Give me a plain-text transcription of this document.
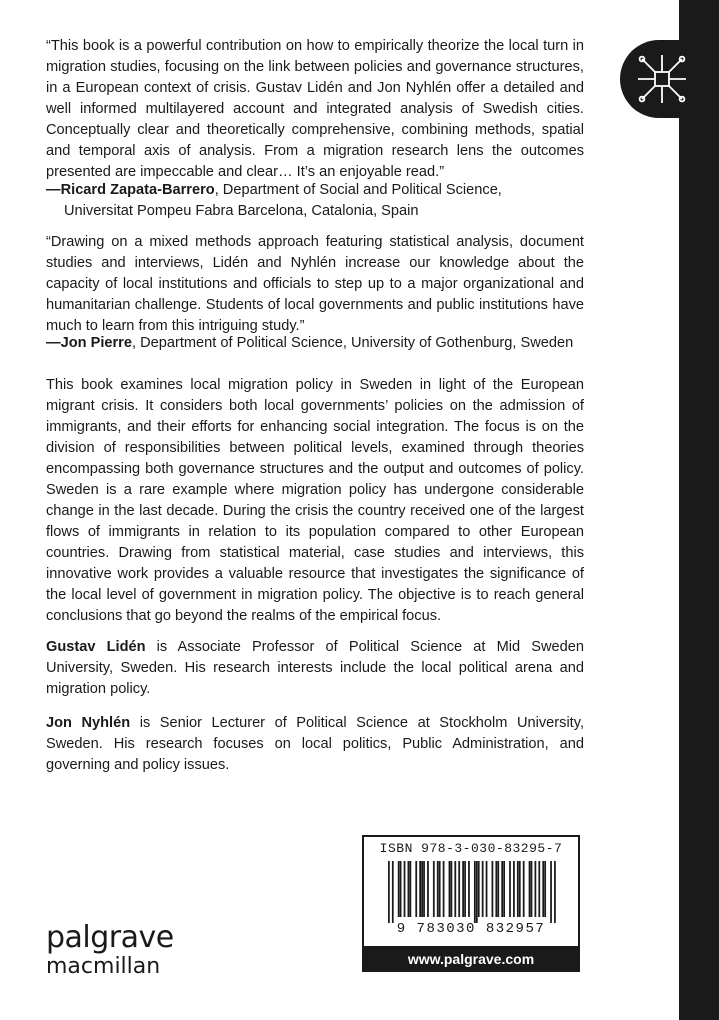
“This book is a powerful contribution on how to empirically theorize the local turn in migration studies, focusing on the link between policies and governance structures, in a European context of crisis. Gustav Lidén and Jon Nyhlén offer a detailed and well informed multilayered account and integrated analysis of Swedish cities. Conceptually clear and theoretically comprehensive, combining methods, spatial and temporal axis of analysis. From a migration research lens the outcomes presented are impeccable and clear… It’s an enjoyable read.”
—Ricard Zapata-Barrero, Department of Social and Political Science,
Universitat Pompeu Fabra Barcelona, Catalonia, Spain
“Drawing on a mixed methods approach featuring statistical analysis, document studies and interviews, Lidén and Nyhlén increase our knowledge about the capacity of local institutions and officials to step up to a major organizational and humanitarian challenge. Students of local governments and public institutions have much to learn from this intriguing study.”
—Jon Pierre, Department of Political Science, University of Gothenburg, Sweden
This book examines local migration policy in Sweden in light of the European migrant crisis. It considers both local governments’ policies on the admission of immigrants, and their efforts for enhancing social integration. The focus is on the division of responsibilities between political levels, examined through theories encompassing both governance structures and the output and outcomes of policy. Sweden is a rare example where migration policy has undergone considerable change in the last decade. During the crisis the country received one of the largest flows of immigrants in relation to its population compared to other European countries. Drawing from statistical material, case studies and interviews, this innovative work provides a valuable resource that investigates the significance of the local level of government in migration policy. The objective is to reach general conclusions that go beyond the realms of the empirical focus.
Gustav Lidén is Associate Professor of Political Science at Mid Sweden University, Sweden. His research interests include the local political arena and migration policy.
Jon Nyhlén is Senior Lecturer of Political Science at Stockholm University, Sweden. His research focuses on local politics, Public Administration, and governing and policy issues.
ISBN 978-3-030-83295-7
9 783030 832957
www.palgrave.com
palgrave
macmillan
